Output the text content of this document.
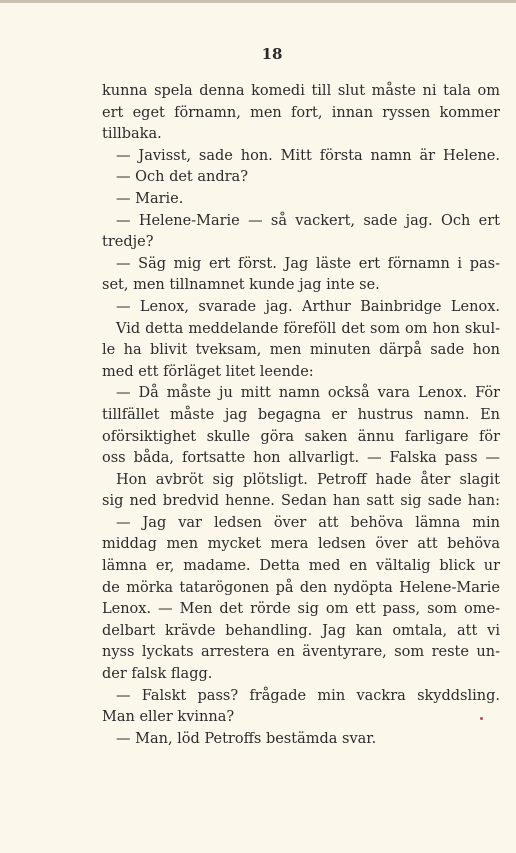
18
kunna spela denna komedi till slut måste ni tala om
ert eget förnamn, men fort, innan ryssen kommer
tillbaka.
— Javisst, sade hon. Mitt första namn är Helene.
— Och det andra?
— Marie.
— Helene-Marie — så vackert, sade jag. Och ert
tredje?
— Säg mig ert först. Jag läste ert förnamn i pas-
set, men tillnamnet kunde jag inte se.
— Lenox, svarade jag. Arthur Bainbridge Lenox.
Vid detta meddelande föreföll det som om hon skul-
le ha blivit tveksam, men minuten därpå sade hon
med ett förläget litet leende:
— Då måste ju mitt namn också vara Lenox. För
tillfället måste jag begagna er hustrus namn. En
oförsiktighet skulle göra saken ännu farligare för
oss båda, fortsatte hon allvarligt. — Falska pass —
Hon avbröt sig plötsligt. Petroff hade åter slagit
sig ned bredvid henne. Sedan han satt sig sade han:
— Jag var ledsen över att behöva lämna min
middag men mycket mera ledsen över att behöva
lämna er, madame. Detta med en vältalig blick ur
de mörka tatarögonen på den nydöpta Helene-Marie
Lenox. — Men det rörde sig om ett pass, som ome-
delbart krävde behandling. Jag kan omtala, att vi
nyss lyckats arrestera en äventyrare, som reste un-
der falsk flagg.
— Falskt pass? frågade min vackra skyddsling.
Man eller kvinna?
— Man, löd Petroffs bestämda svar.
